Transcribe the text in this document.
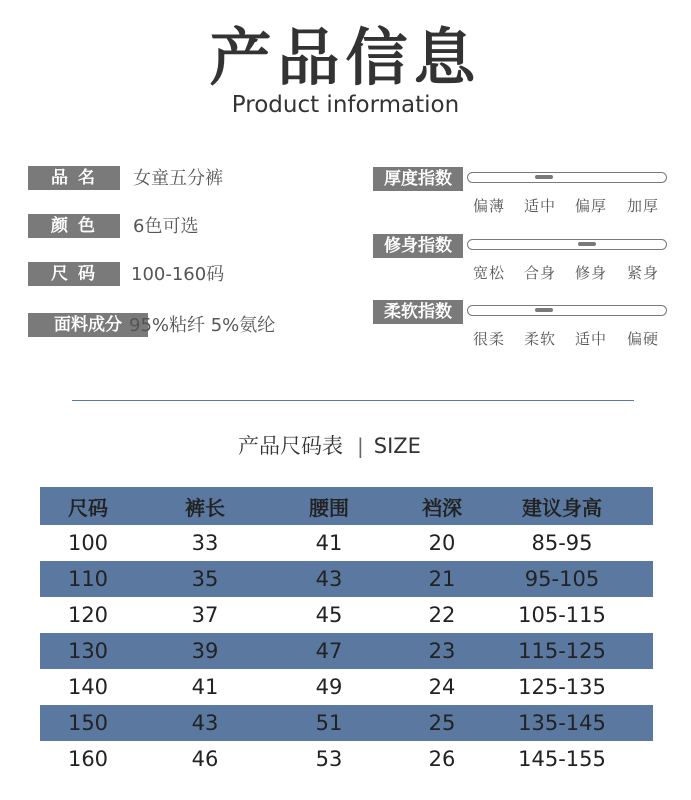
产品信息
Product information
品 名	女童五分裤
颜 色	6色可选
尺 码	100-160码
面料成分 95%粘纤 5%氨纶
厚度指数
偏薄	适中	偏厚	加厚
修身指数
宽松	合身	修身	紧身
柔软指数
很柔	柔软	适中	偏硬
产品尺码表 | SIZE
尺码	裤长	腰围	裆深	建议身高
100	33	41	20	85-95
110	35	43	21	95-105
120	37	45	22	105-115
130	39	47	23	115-125
140	41	49	24	125-135
150	43	51	25	135-145
160	46	53	26	145-155
